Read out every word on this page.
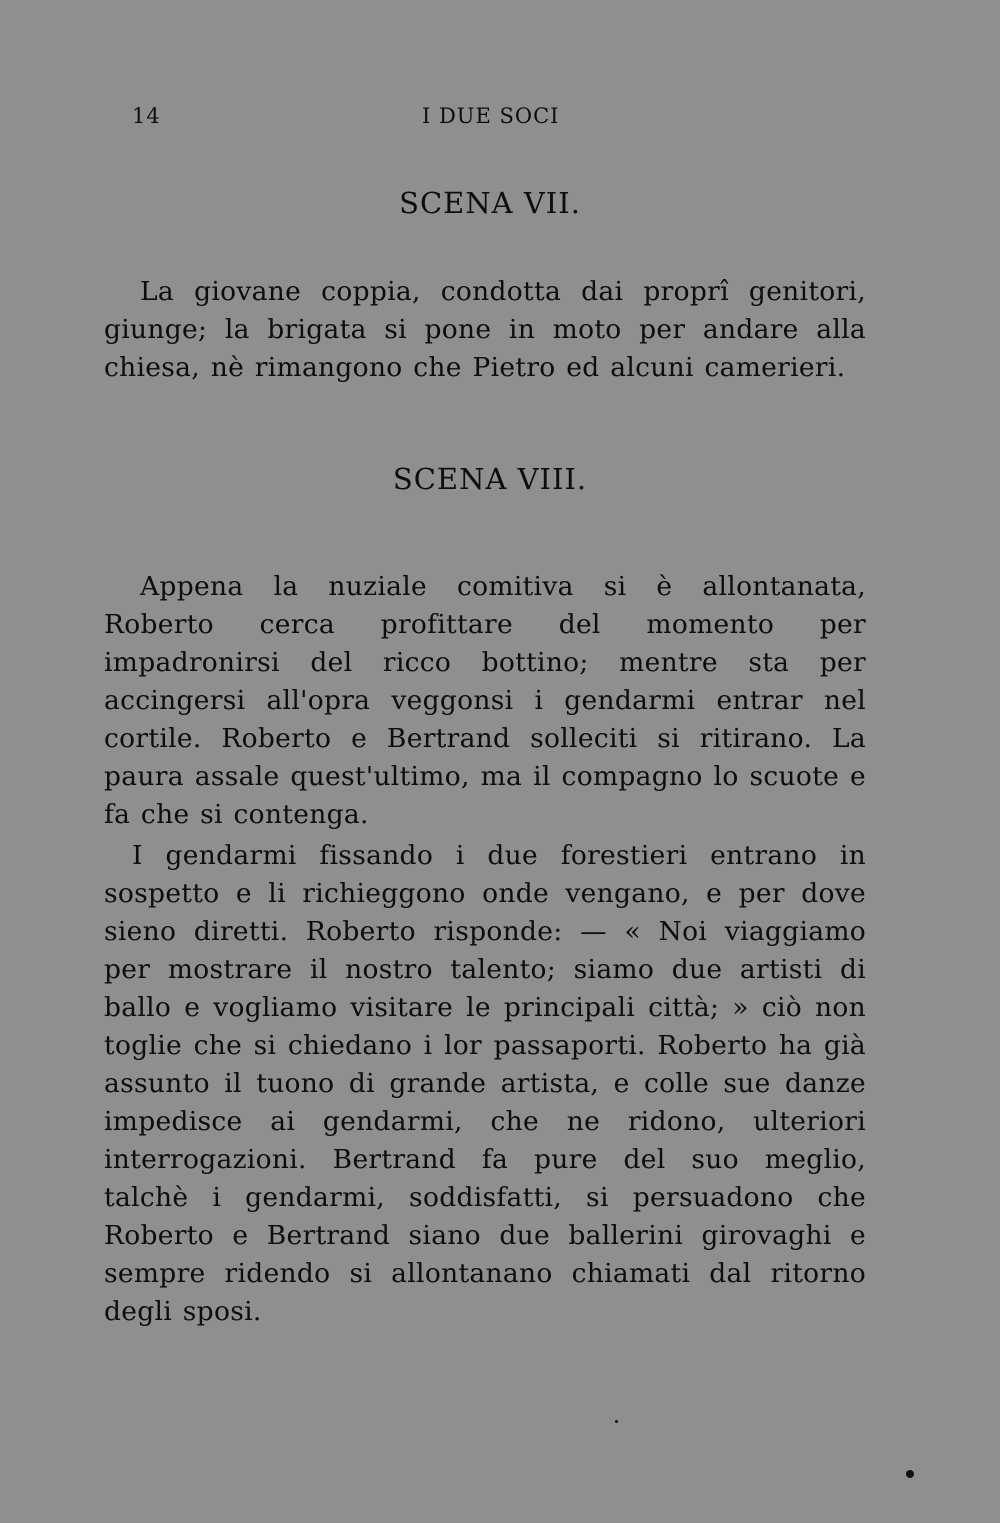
14	I DUE SOCI
SCENA VII.

La giovane coppia, condotta dai proprî genitori, giunge; la brigata si pone in moto per andare alla chiesa, nè rimangono che Pietro ed alcuni camerieri.

SCENA VIII.

Appena la nuziale comitiva si è allontanata, Roberto cerca profittare del momento per impadronirsi del ricco bottino; mentre sta per accingersi all'opra veggonsi i gendarmi entrar nel cortile. Roberto e Bertrand solleciti si ritirano. La paura assale quest'ultimo, ma il compagno lo scuote e fa che si contenga.

I gendarmi fissando i due forestieri entrano in sospetto e li richieggono onde vengano, e per dove sieno diretti. Roberto risponde: — « Noi viaggiamo per mostrare il nostro talento; siamo due artisti di ballo e vogliamo visitare le principali città; » ciò non toglie che si chiedano i lor passaporti. Roberto ha già assunto il tuono di grande artista, e colle sue danze impedisce ai gendarmi, che ne ridono, ulteriori interrogazioni. Bertrand fa pure del suo meglio, talchè i gendarmi, soddisfatti, si persuadono che Roberto e Bertrand siano due ballerini girovaghi e sempre ridendo si allontanano chiamati dal ritorno degli sposi.
